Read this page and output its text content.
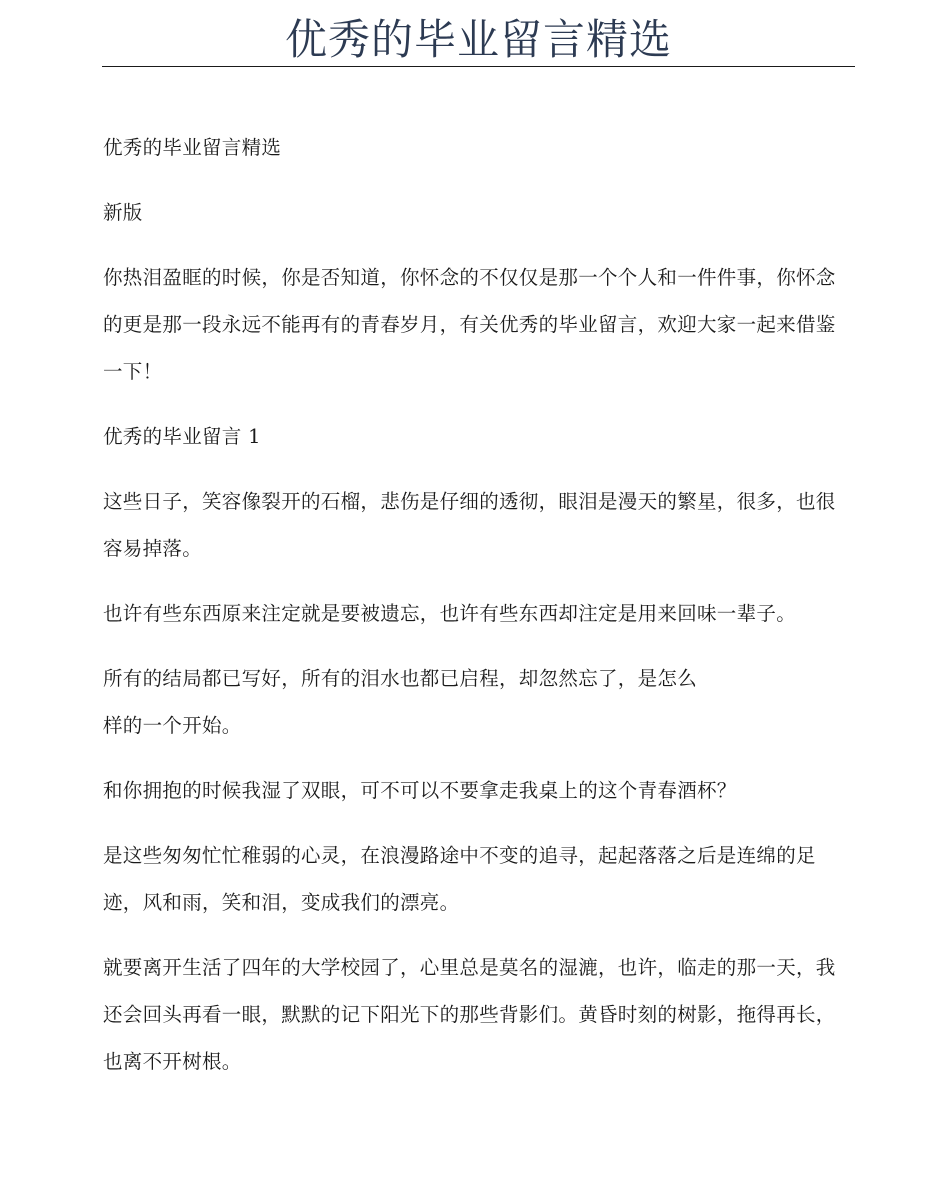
优秀的毕业留言精选

优秀的毕业留言精选

新版

你热泪盈眶的时候，你是否知道，你怀念的不仅仅是那一个个人和一件件事，你怀念的更是那一段永远不能再有的青春岁月，有关优秀的毕业留言，欢迎大家一起来借鉴一下！

优秀的毕业留言 1

这些日子，笑容像裂开的石榴，悲伤是仔细的透彻，眼泪是漫天的繁星，很多，也很容易掉落。

也许有些东西原来注定就是要被遗忘，也许有些东西却注定是用来回味一辈子。

所有的结局都已写好，所有的泪水也都已启程，却忽然忘了，是怎么

样的一个开始。

和你拥抱的时候我湿了双眼，可不可以不要拿走我桌上的这个青春酒杯？

是这些匆匆忙忙稚弱的心灵，在浪漫路途中不变的追寻，起起落落之后是连绵的足迹，风和雨，笑和泪，变成我们的漂亮。

就要离开生活了四年的大学校园了，心里总是莫名的湿漉，也许，临走的那一天，我还会回头再看一眼，默默的记下阳光下的那些背影们。黄昏时刻的树影，拖得再长，也离不开树根。
